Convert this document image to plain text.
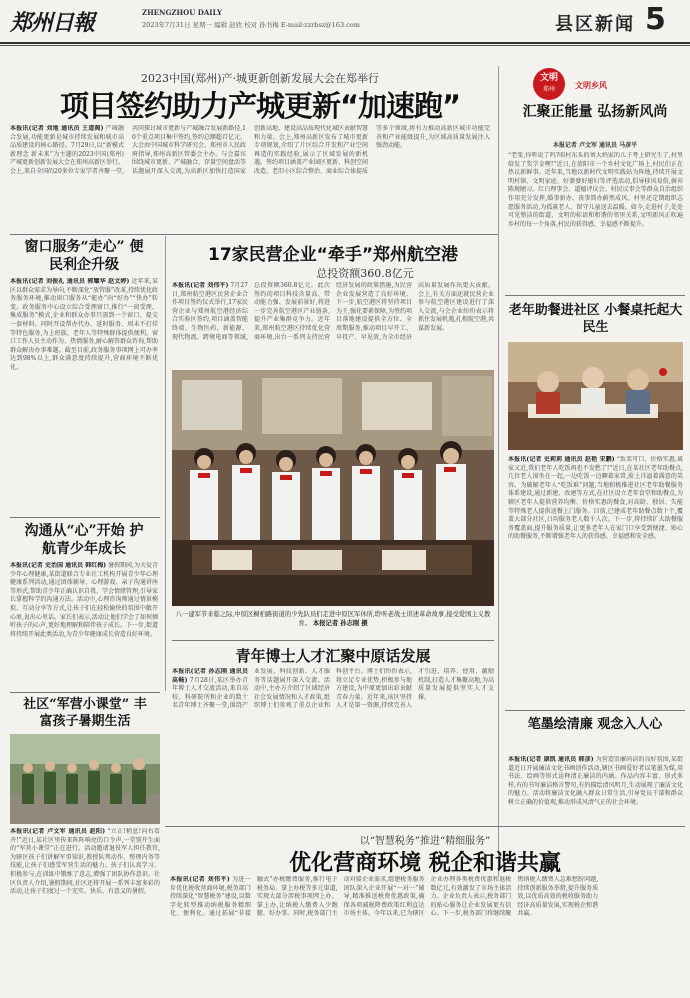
郑州日報	ZHENGZHOU DAILY
2023年7月31日 星期一 编辑 赵欣 校对 孙书梅 E-mail:zzrbsz@163.com	县区新闻 5
2023中国(郑州)产·城更新创新发展大会在郑举行
项目签约助力产城更新“加速跑”
本报讯(记者 刘地 通讯员 王道阁) 产城融合发展,功能更新是城市持续发展和城市高品质建设的核心路径。7月29日,以“新模式 新理念 新未来”为主题的2023中国(郑州)产城更新创新发展大会在郑州高新区举行。会上,来自全国的20多位专家学者齐聚一堂,共同探讨城市更新与产城融合发展新路径,10个重点项目集中签约,签约总额超百亿元。大会由中国城市科学研究会、郑州市人民政府指导,郑州高新区管委会主办。与会嘉宾围绕城市更新、产城融合、存量空间盘活等话题展开深入交流,为高新区加快打造国家创新高地、建设高品质现代化城区贡献智慧和力量。会上,郑州高新区发布了城市更新专项规划,介绍了片区综合开发和产业空间再造的实践经验,展示了区域发展的新机遇。签约项目涵盖产业园区更新、科创空间改造、老旧小区综合整治、商业综合体提质等多个领域,将有力推动高新区城市功能完善和产业能级提升,为区域高质量发展注入强劲动能。
文明
郑州	文明乡风
汇聚正能量 弘扬新风尚
本报记者 卢文军 通讯员 马彦平
“老张,你听说了吗?咱村东头的刘大妈家的儿子考上研究生了,村里给发了奖学金哩!”近日,在荥阳市一个乡村文化广场上,村民们正在热议新鲜事。近年来,当地以新时代文明实践站为阵地,持续开展文明村镇、文明家庭、好婆婆好媳妇等评选活动,倡导移风易俗,摒弃陈规陋习。红白理事会、道德评议会、村民议事会等群众自治组织作用充分发挥,婚事新办、丧事简办蔚然成风。村里还定期组织志愿服务活动,为孤寡老人、留守儿童送去温暖。如今,走进村子,处处可见整洁的街道、文明的标语和和谐的邻里关系,文明新风正吹遍乡村的每一个角落,村民的获得感、幸福感不断提升。
窗口服务“走心” 便民利企升级
本报讯(记者 刘俊礼 通讯员 郭耀华 赵文婷) 近年来,某区以群众需求为导向,不断深化“放管服”改革,持续优化政务服务环境,推动窗口服务从“能办”向“好办”“快办”转变。政务服务中心设立综合受理窗口,推行“一窗受理、集成服务”模式,企业和群众办事只需到一个窗口、提交一套材料。同时开设帮办代办、延时服务、周末不打烊等特色服务,为上班族、老年人等特殊群体提供便利。窗口工作人员主动作为、热情服务,耐心解答群众咨询,帮助群众解决办事难题。截至目前,政务服务事项网上可办率达到98%以上,群众满意度持续提升,营商环境不断优化。
17家民营企业“牵手”郑州航空港
总投资额360.8亿元
本报讯(记者 刘伟平) 7月27日,郑州航空港区民营企业合作项目签约仪式举行,17家民营企业与郑州航空港经济综合实验区签约,项目涵盖智能终端、生物医药、新能源、现代物流、跨境电商等领域,总投资额360.8亿元。此次签约的项目科技含量高、带动能力强、发展前景好,将进一步完善航空港区产业链条,提升产业集群竞争力。近年来,郑州航空港区持续优化营商环境,出台一系列支持民营经济发展的政策措施,为民营企业发展营造了良好环境。下一步,航空港区将坚持项目为王,强化要素保障,为签约项目落地建设提供全方位、全周期服务,推动项目早开工、早投产、早见效,为全市经济高质量发展作出更大贡献。会上,有关方面还就民营企业参与航空港区建设进行了深入交流,与会企业纷纷表示将抓住发展机遇,扎根航空港,共谋新发展。
八一建军节来临之际,中原区桐柏路街道的少先队员们走进中原区军休所,聆听老战士讲述革命故事,接受爱国主义教育。 本报记者 孙志刚 摄
老年助餐进社区 小餐桌托起大民生
本报讯(记者 史莉莉 通讯员 赵艳 宋鹏) “饭菜可口、价格实惠,离家又近,我们老年人吃饭再也不发愁了!”近日,在某社区老年助餐点,几位老人围坐在一起,一边吃饭一边聊着家常,脸上洋溢着满意的笑容。为破解老年人“吃饭难”问题,当地积极推进社区老年助餐服务体系建设,通过新建、改建等方式,在社区设立老年食堂和助餐点,为辖区老年人提供营养均衡、价格实惠的餐食,对高龄、独居、失能等特殊老人提供送餐上门服务。目前,已建成老年助餐点数十个,覆盖大部分社区,日均服务老人数千人次。下一步,将持续扩大助餐服务覆盖面,提升服务质量,让更多老年人在家门口享受到便捷、贴心的助餐服务,不断增强老年人的获得感、幸福感和安全感。
沟通从“心”开始 护航青少年成长
本报讯(记者 史治国 通讯员 韩红梅) 暑假期间,为关爱青少年心理健康,某街道联合专业社工机构开展青少年心理健康系列活动,通过团体辅导、心理游戏、亲子沟通讲座等形式,帮助青少年正确认识自我、学会情绪管理,引导家长掌握科学的沟通方法。活动中,心理咨询师通过情景模拟、互动分享等方式,让孩子们在轻松愉快的氛围中敞开心扉,说出心里话。家长们表示,活动让他们学会了如何倾听孩子的心声,更好地理解和陪伴孩子成长。下一步,街道将持续开展此类活动,为青少年健康成长营造良好环境。
青年博士人才汇聚中原话发展
本报讯(记者 孙志刚 通讯员 高畅) 7月28日,某区举办青年博士人才交流活动,来自高校、科研院所和企业的数十名青年博士齐聚一堂,围绕产业发展、科技创新、人才服务等话题展开深入交流。活动中,主办方介绍了区域经济社会发展情况和人才政策,组织博士们参观了重点企业和科创平台。博士们纷纷表示,将立足专业优势,积极参与地方建设,为中原更加出彩贡献青春力量。近年来,该区坚持人才是第一资源,持续完善人才引进、培养、使用、激励机制,打造人才集聚高地,为高质量发展提供坚实人才支撑。
社区“军营小课堂” 丰富孩子暑期生活
本报讯(记者 卢文军 通讯员 赵阳) “立正!稍息!向右看齐!”近日,某社区里传来阵阵响亮的口令声,一堂别开生面的“军营小课堂”正在进行。活动邀请退役军人担任教官,为辖区孩子们讲解军事知识,教授队列动作、整理内务等技能,让孩子们感受军营生活的魅力。孩子们认真学习、积极参与,在训练中锻炼了意志,增强了团队协作意识。社区负责人介绍,暑假期间,社区还将开展一系列丰富多彩的活动,让孩子们度过一个充实、快乐、有意义的暑假。
笔墨绘清廉 观念入人心
本报讯(记者 康凯 通讯员 韩彦) 为营造崇廉尚洁的良好氛围,某街道近日开展廉洁文化书画创作活动,辖区书画爱好者以笔墨为媒,用书法、绘画等形式诠释清正廉洁的内涵。作品内容丰富、形式多样,有的书写廉洁格言警句,有的描绘清风明月,生动展现了廉洁文化的魅力。活动将廉洁文化融入群众日常生活,引导党员干部和群众树立正确的价值观,推动形成风清气正的社会环境。
以“智慧税务”推进“精细服务”
优化营商环境 税企和谐共赢
本报讯(记者 刘伟平) 为进一步优化税收营商环境,税务部门持续深化“智慧税务”建设,以数字化转型推动纳税服务精细化、便利化。通过拓展“非接触式”办税缴费服务,推行电子税务局、掌上办税等多元渠道,实现大部分涉税事项网上办、掌上办,让纳税人缴费人少跑腿、好办事。同时,税务部门主动对接企业需求,组建税务服务团队深入企业开展“一对一”辅导,精准推送税费优惠政策,确保各项减税降费政策红利直达市场主体。今年以来,已为辖区企业办理各类税费优惠和退税数亿元,有效激发了市场主体活力。企业负责人表示,税务部门的贴心服务让企业发展更有信心。下一步,税务部门将继续聚焦纳税人缴费人急难愁盼问题,持续创新服务举措,提升服务质效,以优质高效的税收服务助力经济高质量发展,实现税企和谐共赢。
